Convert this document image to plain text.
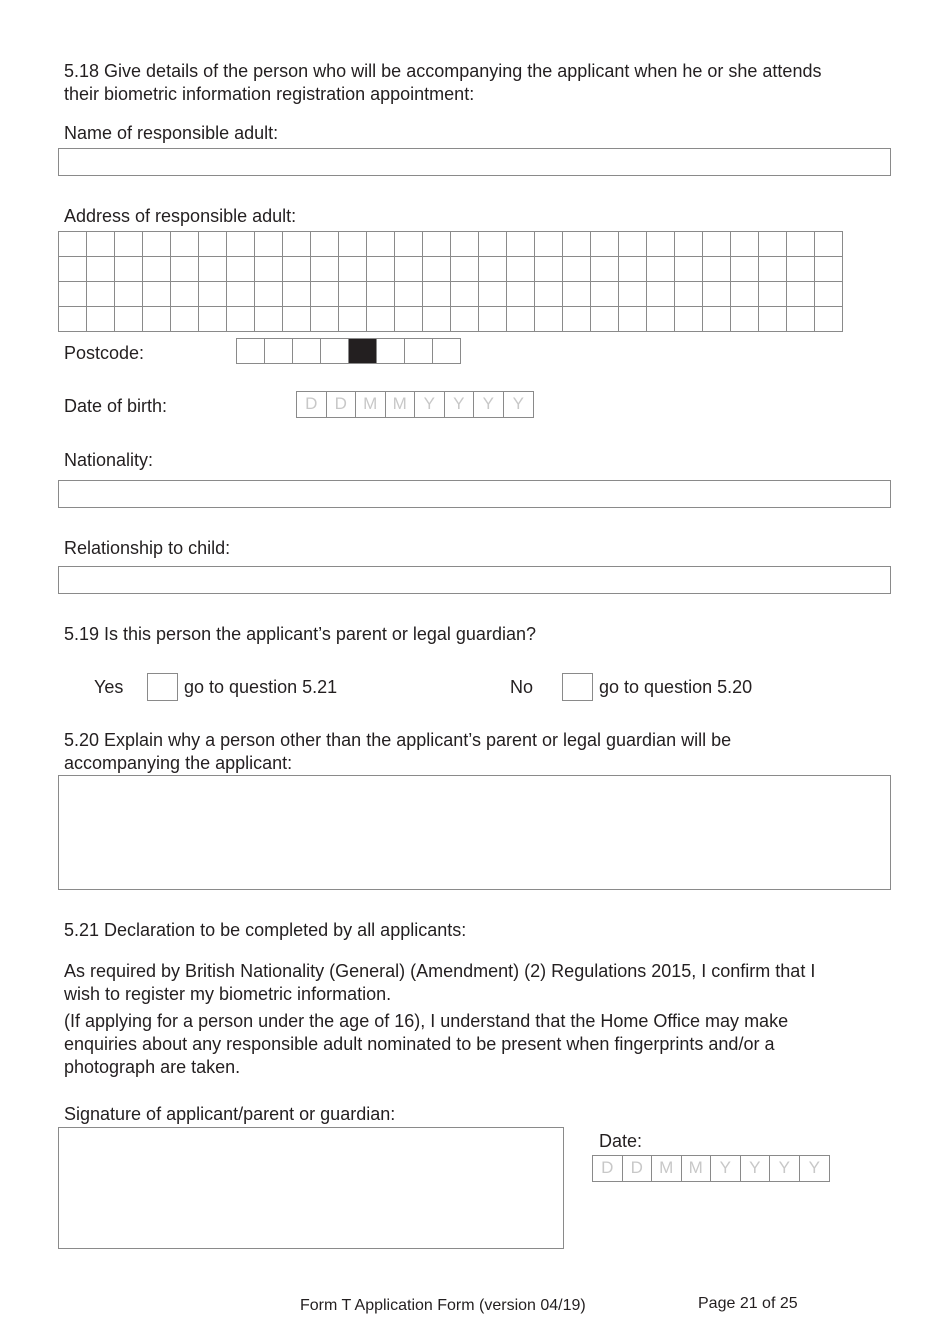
5.18 Give details of the person who will be accompanying the applicant when he or she attends
their biometric information registration appointment:
Name of responsible adult:
Address of responsible adult:

Postcode:

Date of birth:	D	D M M Y	Y	Y	Y
Nationality:
Relationship to child:
5.19 Is this person the applicant’s parent or legal guardian?
Yes	go to question 5.21	No	go to question 5.20
5.20 Explain why a person other than the applicant’s parent or legal guardian will be
accompanying the applicant:
5.21 Declaration to be completed by all applicants:
As required by British Nationality (General) (Amendment) (2) Regulations 2015, I confirm that I
wish to register my biometric information.
(If applying for a person under the age of 16), I understand that the Home Office may make
enquiries about any responsible adult nominated to be present when fingerprints and/or a
photograph are taken.
Signature of applicant/parent or guardian:
Date:
D	D M M Y	Y	Y	Y
Form T Application Form (version 04/19)	Page 21 of 25
